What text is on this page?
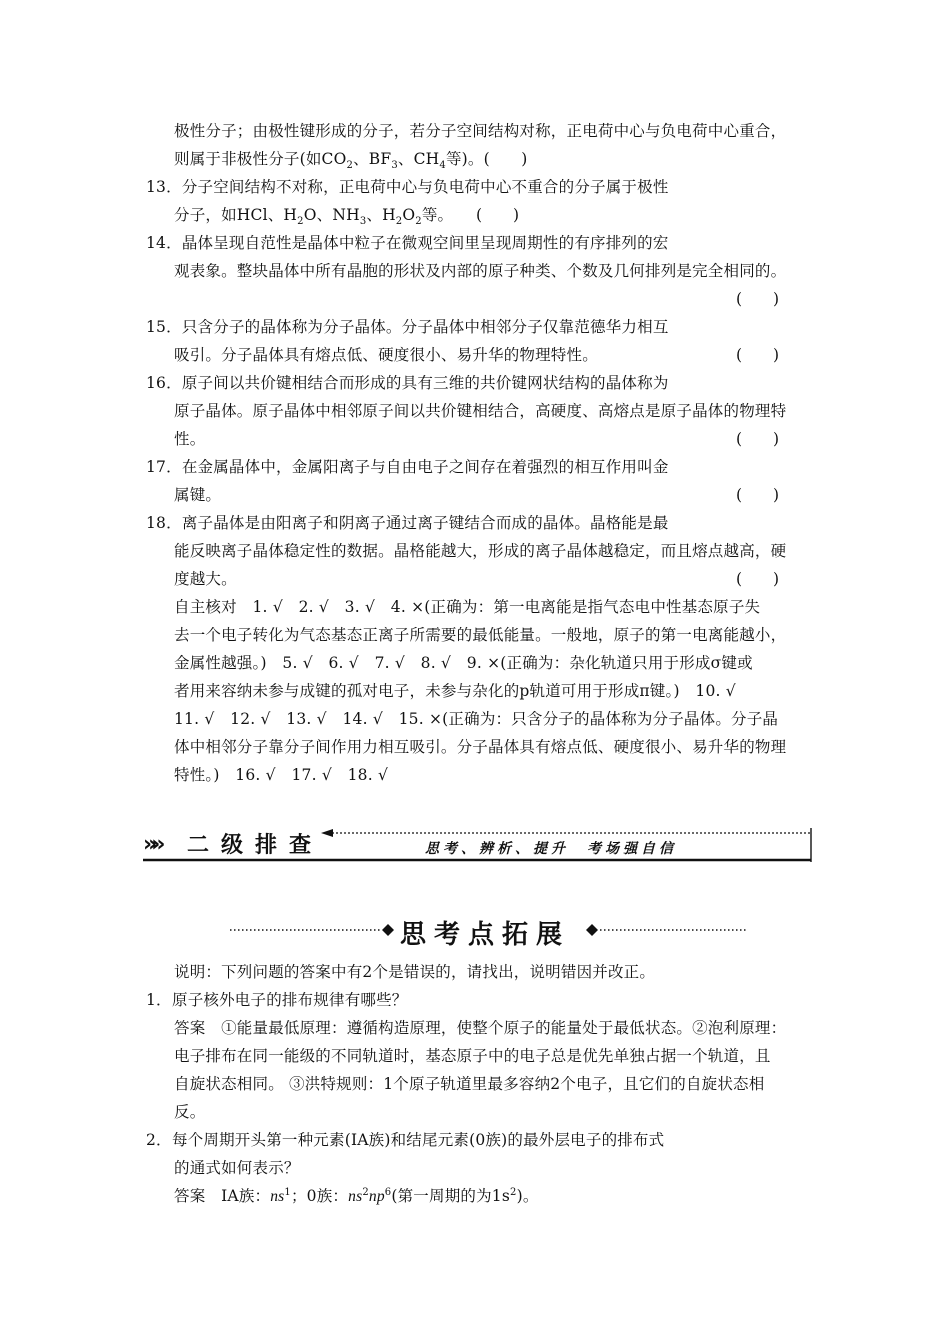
极性分子；由极性键形成的分子，若分子空间结构对称，正电荷中心与负电荷中心重合，
则属于非极性分子(如$CO_2$、$BF_3$、$CH_4$等)。(　　)
13．分子空间结构不对称，正电荷中心与负电荷中心不重合的分子属于极性
分子，如HCl、$H_2O$、$NH_3$、$H_2O_2$等。 (　　)
14．晶体呈现自范性是晶体中粒子在微观空间里呈现周期性的有序排列的宏
观表象。整块晶体中所有晶胞的形状及内部的原子种类、个数及几何排列是完全相同的。
(　　)
15．只含分子的晶体称为分子晶体。分子晶体中相邻分子仅靠范德华力相互
吸引。分子晶体具有熔点低、硬度很小、易升华的物理特性。	(　　)
16．原子间以共价键相结合而形成的具有三维的共价键网状结构的晶体称为
原子晶体。原子晶体中相邻原子间以共价键相结合，高硬度、高熔点是原子晶体的物理特
性。	(　　)
17．在金属晶体中，金属阳离子与自由电子之间存在着强烈的相互作用叫金
属键。	(　　)
18．离子晶体是由阳离子和阴离子通过离子键结合而成的晶体。晶格能是最
能反映离子晶体稳定性的数据。晶格能越大，形成的离子晶体越稳定，而且熔点越高，硬
度越大。	(　　)
自主核对　1. √　2. √　3. √　4. ×(正确为：第一电离能是指气态电中性基态原子失
去一个电子转化为气态基态正离子所需要的最低能量。一般地，原子的第一电离能越小，
金属性越强。)　5. √　6. √　7. √　8. √　9. ×(正确为：杂化轨道只用于形成σ键或
者用来容纳未参与成键的孤对电子，未参与杂化的p轨道可用于形成π键。)　10. √
11. √　12. √　13. √　14. √　15. ×(正确为：只含分子的晶体称为分子晶体。分子晶
体中相邻分子靠分子间作用力相互吸引。分子晶体具有熔点低、硬度很小、易升华的物理
特性。)　16. √　17. √　18. √
»» 二级排查	思考、辨析、提升　考场强自信
思考点拓展
说明：下列问题的答案中有2个是错误的，请找出，说明错因并改正。
1．原子核外电子的排布规律有哪些？
答案　①能量最低原理：遵循构造原理，使整个原子的能量处于最低状态。②泡利原理：
电子排布在同一能级的不同轨道时，基态原子中的电子总是优先单独占据一个轨道，且
自旋状态相同。 ③洪特规则：1个原子轨道里最多容纳2个电子，且它们的自旋状态相
反。
2．每个周期开头第一种元素(ⅠA族)和结尾元素(0族)的最外层电子的排布式
的通式如何表示？
答案　ⅠA族：$ns^1$；0族：$ns^2np^6$(第一周期的为$1s^2$)。
